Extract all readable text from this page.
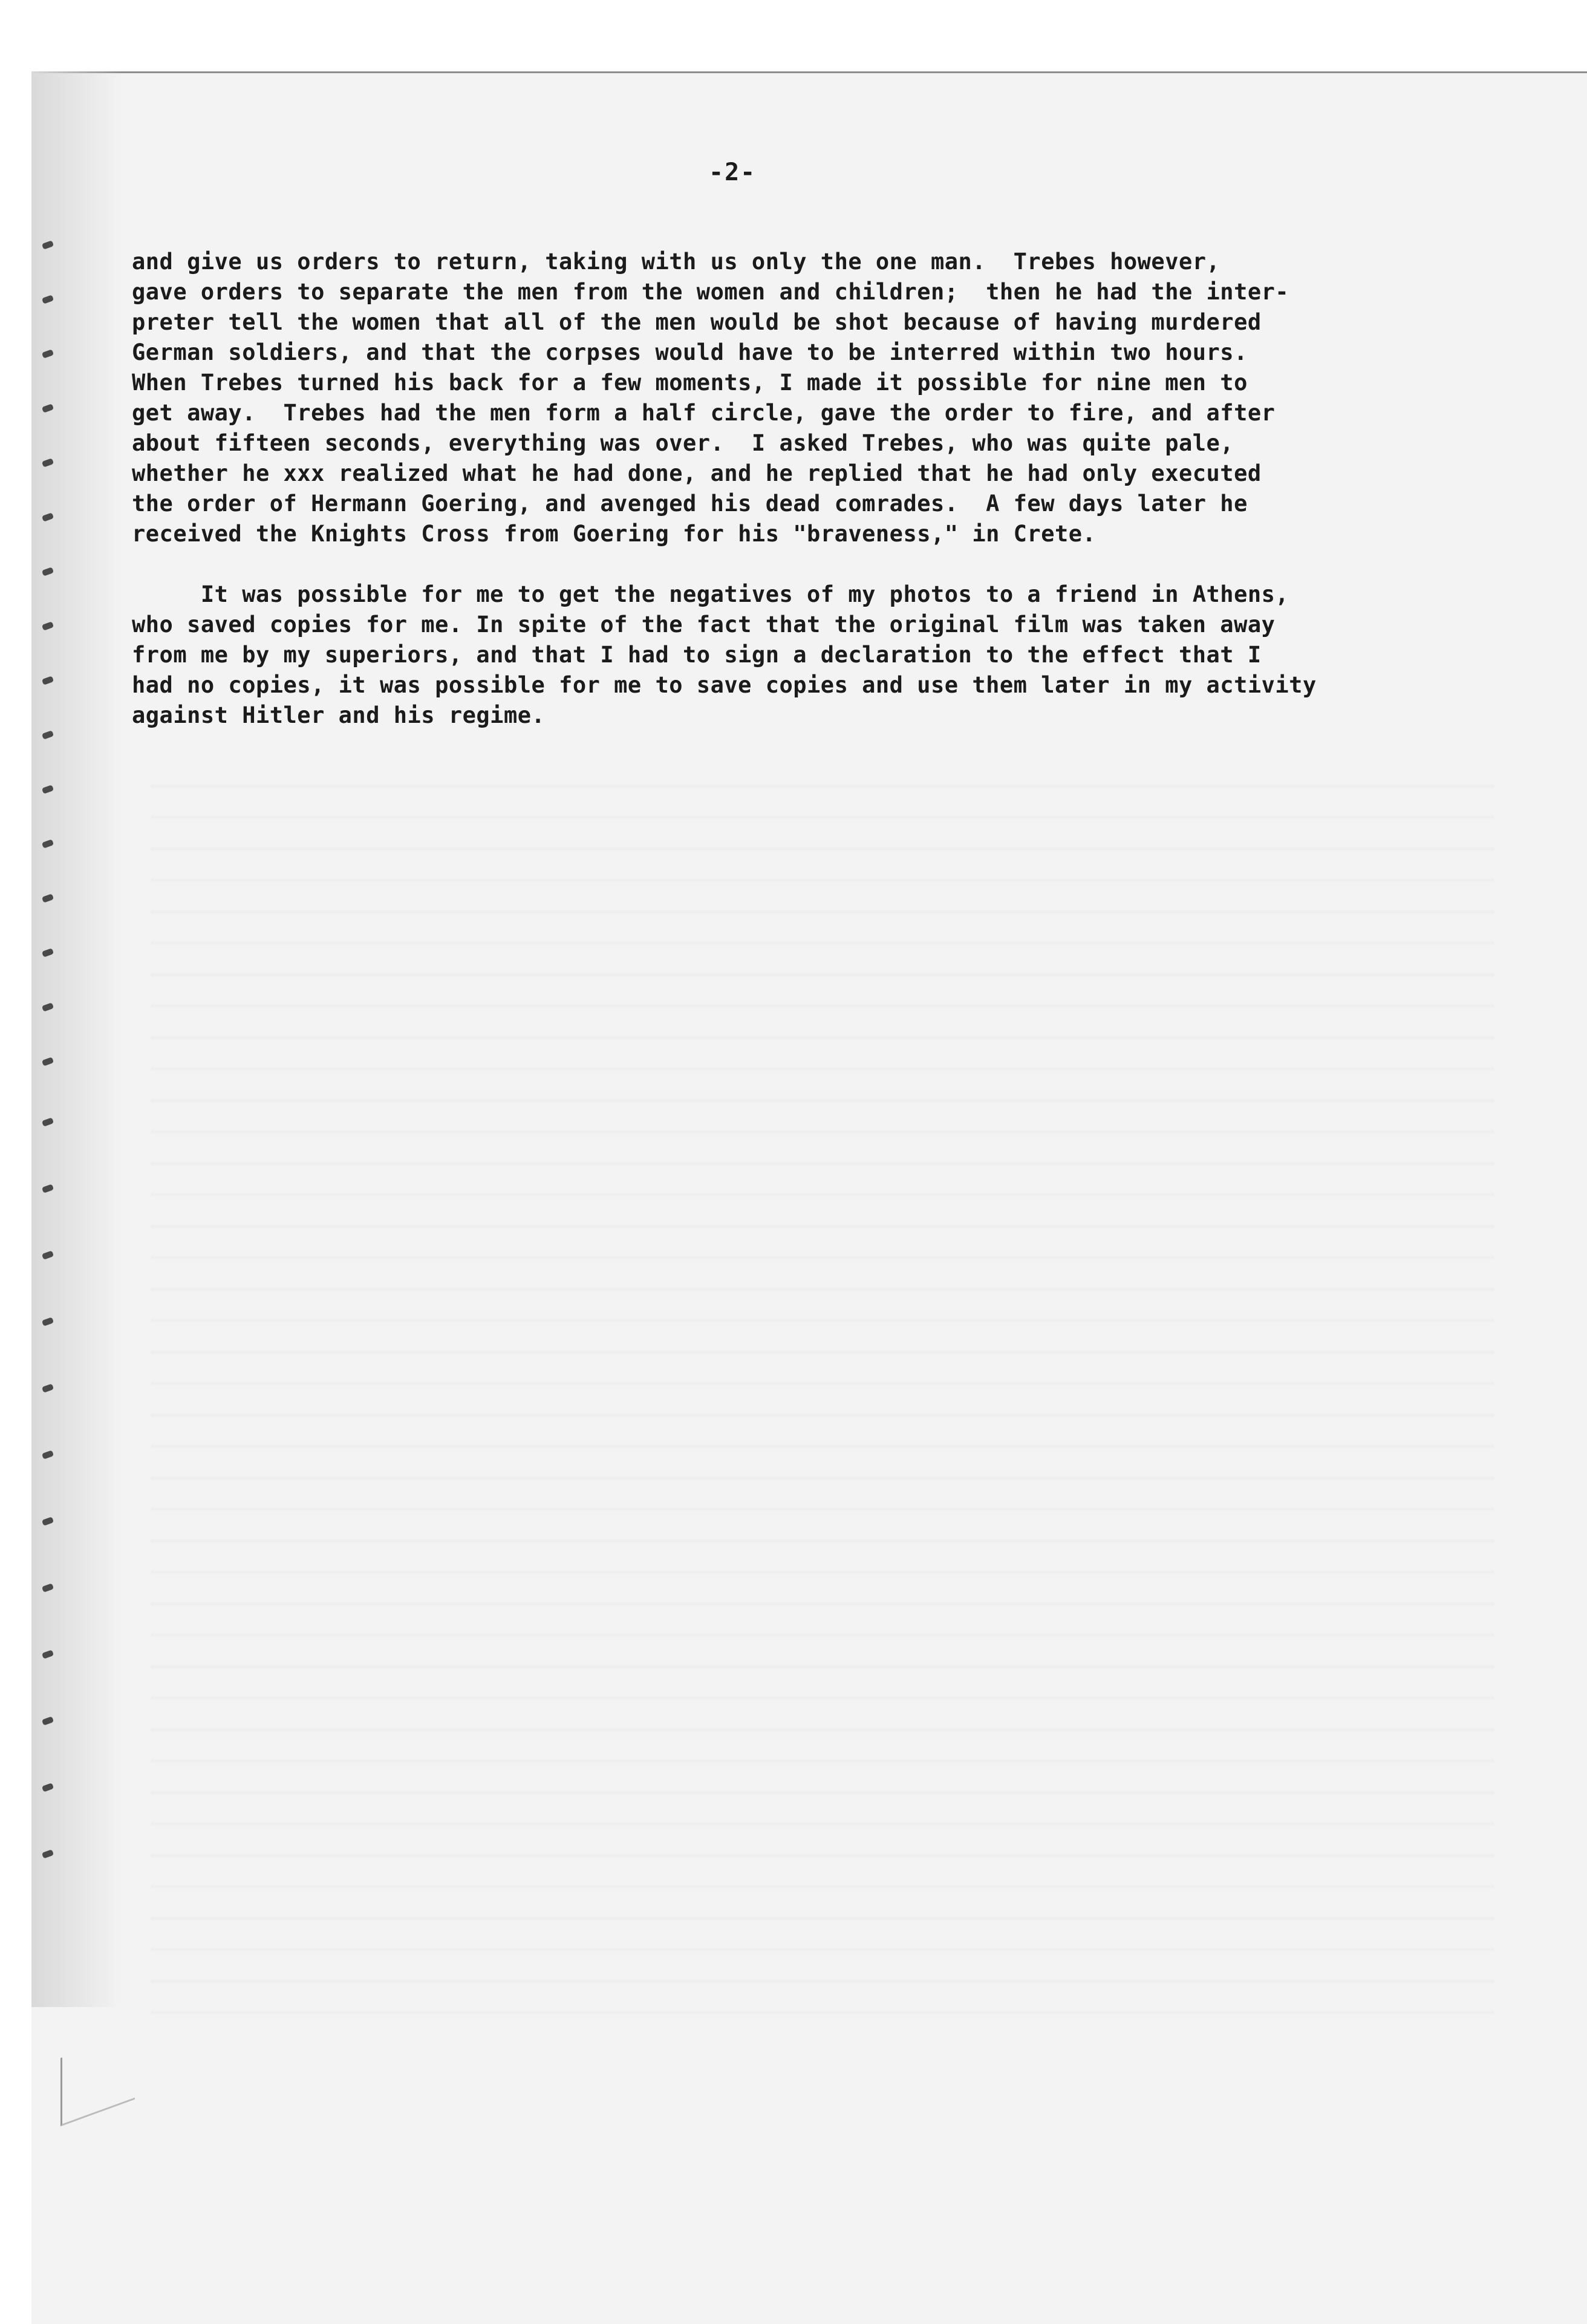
-2-

and give us orders to return, taking with us only the one man.  Trebes however,

gave orders to separate the men from the women and children;  then he had the inter-

preter tell the women that all of the men would be shot because of having murdered

German soldiers, and that the corpses would have to be interred within two hours.

When Trebes turned his back for a few moments, I made it possible for nine men to

get away.  Trebes had the men form a half circle, gave the order to fire, and after

about fifteen seconds, everything was over.  I asked Trebes, who was quite pale,

whether he xxx realized what he had done, and he replied that he had only executed

the order of Hermann Goering, and avenged his dead comrades.  A few days later he

received the Knights Cross from Goering for his "braveness," in Crete.

It was possible for me to get the negatives of my photos to a friend in Athens,

who saved copies for me. In spite of the fact that the original film was taken away

from me by my superiors, and that I had to sign a declaration to the effect that I

had no copies, it was possible for me to save copies and use them later in my activity

against Hitler and his regime.
